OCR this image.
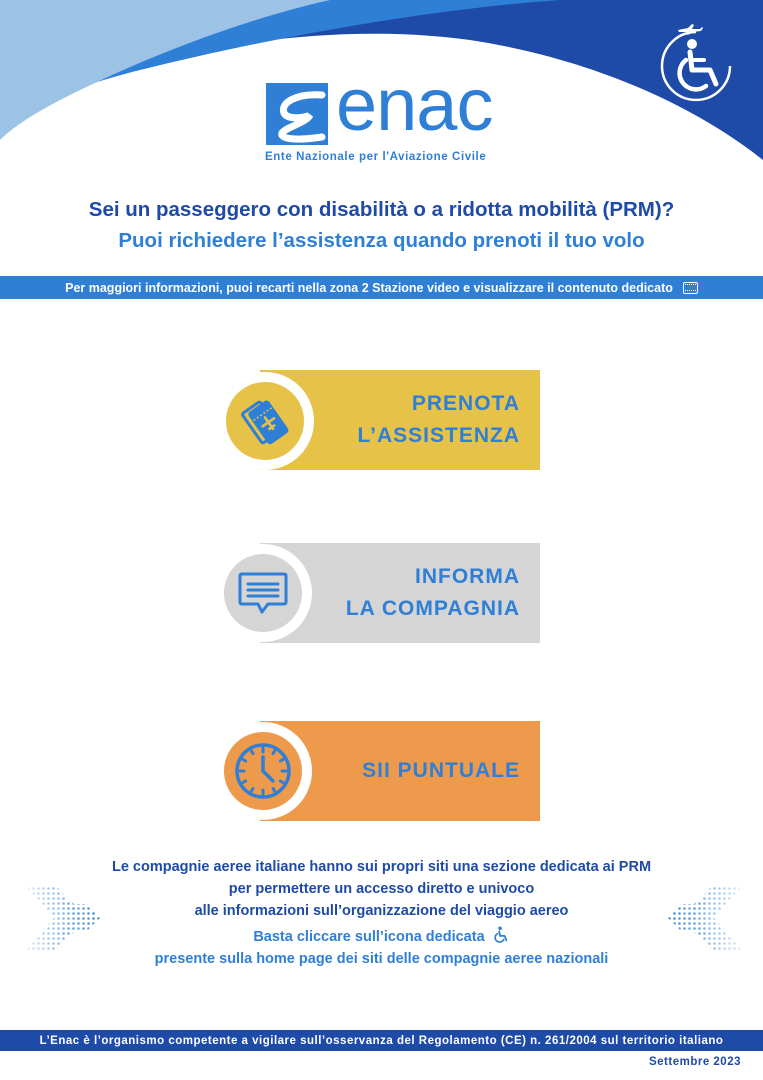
enac
Ente Nazionale per l'Aviazione Civile
Sei un passeggero con disabilità o a ridotta mobilità (PRM)?
Puoi richiedere l’assistenza quando prenoti il tuo volo
Per maggiori informazioni, puoi recarti nella zona 2 Stazione video e visualizzare il contenuto dedicato
PRENOTA
L’ASSISTENZA
INFORMA
LA COMPAGNIA
SII PUNTUALE
Le compagnie aeree italiane hanno sui propri siti una sezione dedicata ai PRM
per permettere un accesso diretto e univoco
alle informazioni sull’organizzazione del viaggio aereo
Basta cliccare sull’icona dedicata
presente sulla home page dei siti delle compagnie aeree nazionali
L’Enac è l’organismo competente a vigilare sull’osservanza del Regolamento (CE) n. 261/2004 sul territorio italiano
Settembre 2023
